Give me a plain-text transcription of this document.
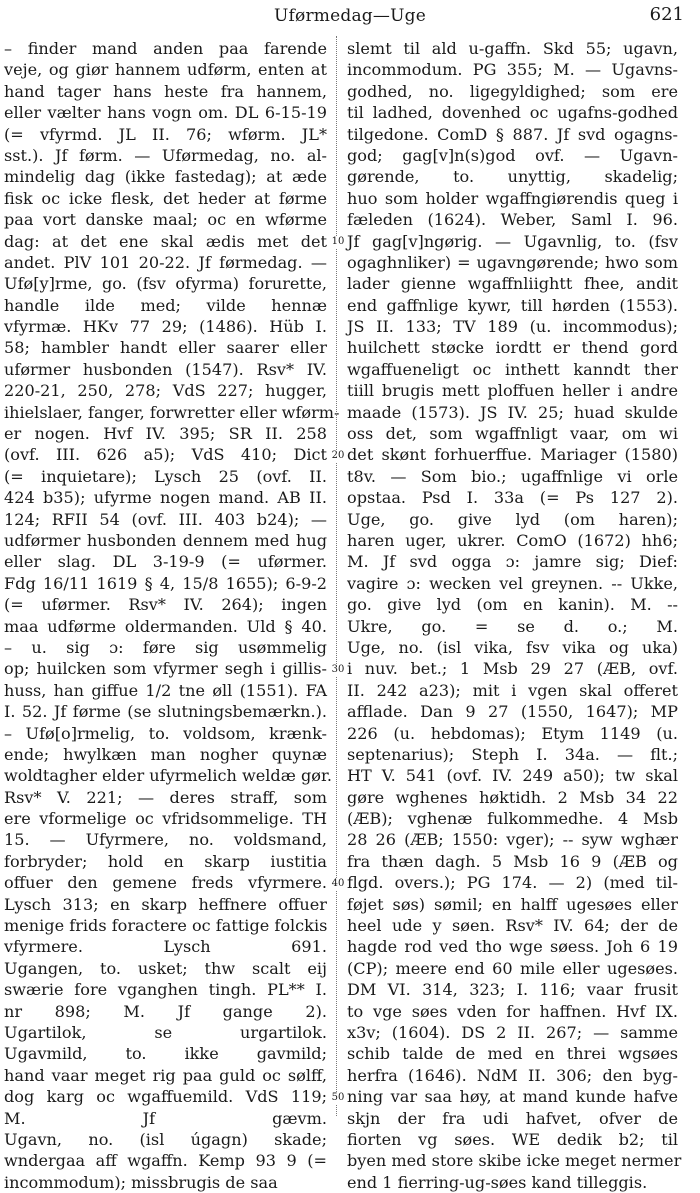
Uførmedag—Uge	621
– finder mand anden paa farende
veje, og giør hannem udførm, enten at
hand tager hans heste fra hannem,
eller vælter hans vogn om. DL 6-15-19
(= vfyrmd. JL II. 76; wførm. JL*
sst.). Jf førm. — Uførmedag, no. al-
mindelig dag (ikke fastedag); at æde
fisk oc icke flesk, det heder at førme
paa vort danske maal; oc en wførme
dag: at det ene skal ædis met det
andet. PlV 101 20-22. Jf førmedag. —
Ufø[y]rme, go. (fsv ofyrma) forurette,
handle ilde med; vilde hennæ
vfyrmæ. HKv 77 29; (1486). Hüb I.
58; hambler handt eller saarer eller
uførmer husbonden (1547). Rsv* IV.
220-21, 250, 278; VdS 227; hugger,
ihielslaer, fanger, forwretter eller wførm-
er nogen. Hvf IV. 395; SR II. 258
(ovf. III. 626 a5); VdS 410; Dict
(= inquietare); Lysch 25 (ovf. II.
424 b35); ufyrme nogen mand. AB II.
124; RFII 54 (ovf. III. 403 b24); —
udførmer husbonden dennem med hug
eller slag. DL 3-19-9 (= uførmer.
Fdg 16/11 1619 § 4, 15/8 1655); 6-9-2
(= uførmer. Rsv* IV. 264); ingen
maa udførme oldermanden. Uld § 40.
– u. sig ɔ: føre sig usømmelig
op; huilcken som vfyrmer segh i gillis-
huss, han giffue 1/2 tne øll (1551). FA
I. 52. Jf førme (se slutningsbemærkn.).
– Ufø[o]rmelig, to. voldsom, krænk-
ende; hwylkæn man nogher quynæ
woldtagher elder ufyrmelich weldæ gør.
Rsv* V. 221; — deres straff, som
ere vformelige oc vfridsommelige. TH
15. — Ufyrmere, no. voldsmand,
forbryder; hold en skarp iustitia
offuer den gemene freds vfyrmere.
Lysch 313; en skarp heffnere offuer
menige frids foractere oc fattige folckis
vfyrmere. Lysch 691.
Ugangen, to. usket; thw scalt eij
swærie fore vganghen tingh. PL** I.
nr 898; M. Jf gange 2).
Ugartilok, se urgartilok.
Ugavmild, to. ikke gavmild;
hand vaar meget rig paa guld oc sølff,
dog karg oc wgaffuemild. VdS 119;
M. Jf gævm.
Ugavn, no. (isl úgagn) skade;
wndergaa aff wgaffn. Kemp 93 9 (=
incommodum); missbrugis de saa
slemt til ald u-gaffn. Skd 55; ugavn,
incommodum. PG 355; M. — Ugavns-
godhed, no. ligegyldighed; som ere
til ladhed, dovenhed oc ugafns-godhed
tilgedone. ComD § 887. Jf svd ogagns-
god; gag[v]n(s)god ovf. — Ugavn-
gørende, to. unyttig, skadelig;
huo som holder wgaffngiørendis queg i
fæleden (1624). Weber, Saml I. 96.
Jf gag[v]ngørig. — Ugavnlig, to. (fsv
ogaghnliker) = ugavngørende; hwo som
lader gienne wgaffnliightt fhee, andit
end gaffnlige kywr, till hørden (1553).
JS II. 133; TV 189 (u. incommodus);
huilchett støcke iordtt er thend gord
wgaffueneligt oc inthett kanndt ther
tiill brugis mett ploffuen heller i andre
maade (1573). JS IV. 25; huad skulde
oss det, som wgaffnligt vaar, om wi
det skønt forhuerffue. Mariager (1580)
t8v. — Som bio.; ugaffnlige vi orle
opstaa. Psd I. 33a (= Ps 127 2).
Uge, go. give lyd (om haren);
haren uger, ukrer. ComO (1672) hh6;
M. Jf svd ogga ɔ: jamre sig; Dief:
vagire ɔ: wecken vel greynen. -- Ukke,
go. give lyd (om en kanin). M. --
Ukre, go. = se d. o.; M.
Uge, no. (isl vika, fsv vika og uka)
i nuv. bet.; 1 Msb 29 27 (ÆB, ovf.
II. 242 a23); mit i vgen skal offeret
afflade. Dan 9 27 (1550, 1647); MP
226 (u. hebdomas); Etym 1149 (u.
septenarius); Steph I. 34a. — flt.;
HT V. 541 (ovf. IV. 249 a50); tw skal
gøre wghenes høktidh. 2 Msb 34 22
(ÆB); vghenæ fulkommedhe. 4 Msb
28 26 (ÆB; 1550: vger); -- syw wghær
fra thæn dagh. 5 Msb 16 9 (ÆB og
flgd. overs.); PG 174. — 2) (med til-
føjet søs) sømil; en halff ugesøes eller
heel ude y søen. Rsv* IV. 64; der de
hagde rod ved tho wge søess. Joh 6 19
(CP); meere end 60 mile eller ugesøes.
DM VI. 314, 323; I. 116; vaar frusit
to vge søes vden for haffnen. Hvf IX.
x3v; (1604). DS 2 II. 267; — samme
schib talde de med en threi wgsøes
herfra (1646). NdM II. 306; den byg-
ning var saa høy, at mand kunde hafve
skjn der fra udi hafvet, ofver de
fiorten vg søes. WE dedik b2; til
byen med store skibe icke meget nermer
end 1 fierring-ug-søes kand tilleggis.
10
20
30
40
50
